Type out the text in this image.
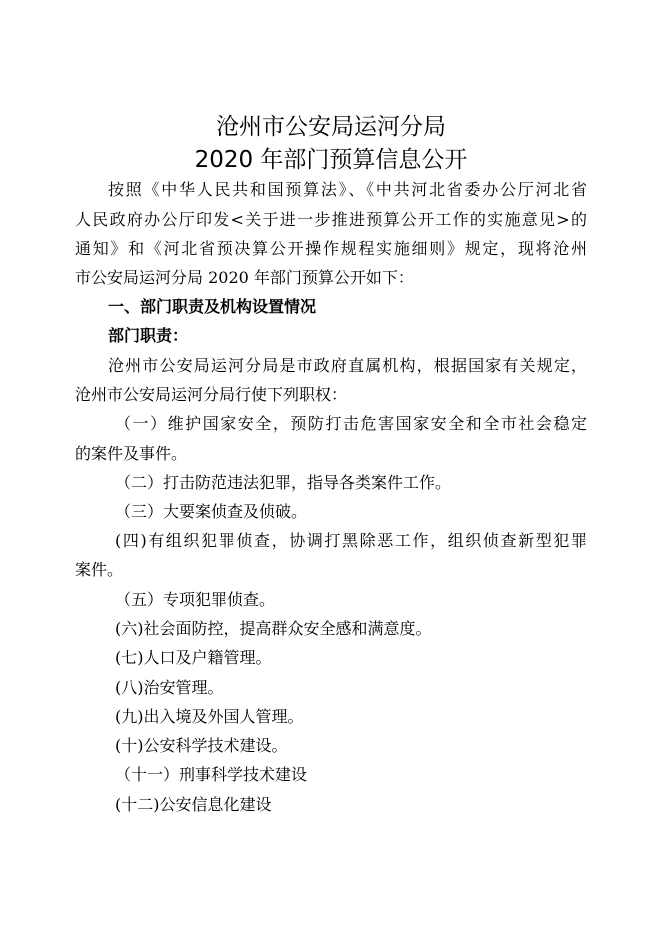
沧州市公安局运河分局
2020 年部门预算信息公开
按照《中华人民共和国预算法》、《中共河北省委办公厅河北省
人民政府办公厅印发<关于进一步推进预算公开工作的实施意见>的
通知》和《河北省预决算公开操作规程实施细则》规定，现将沧州
市公安局运河分局 2020 年部门预算公开如下：
一、部门职责及机构设置情况
部门职责：
沧州市公安局运河分局是市政府直属机构，根据国家有关规定，
沧州市公安局运河分局行使下列职权：
（一）维护国家安全，预防打击危害国家安全和全市社会稳定
的案件及事件。
（二）打击防范违法犯罪，指导各类案件工作。
（三）大要案侦查及侦破。
(四)有组织犯罪侦查，协调打黑除恶工作，组织侦查新型犯罪
案件。
（五）专项犯罪侦查。
(六)社会面防控，提高群众安全感和满意度。
(七)人口及户籍管理。
(八)治安管理。
(九)出入境及外国人管理。
(十)公安科学技术建设。
（十一）刑事科学技术建设
(十二)公安信息化建设
